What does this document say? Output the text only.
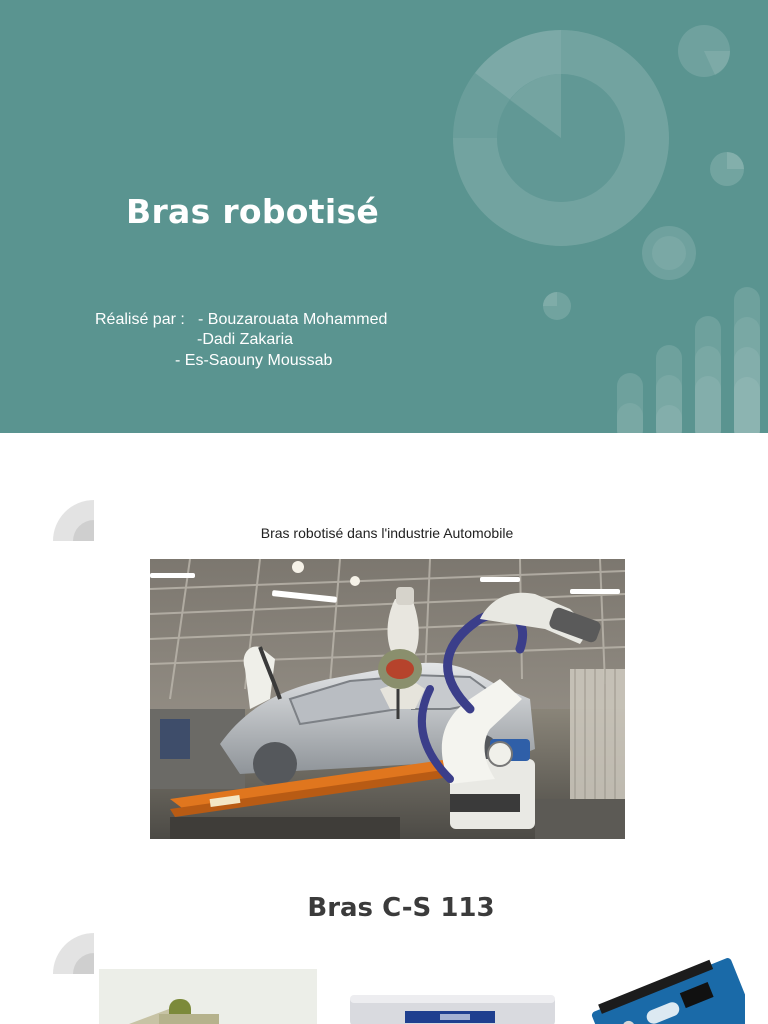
Bras robotisé
Réalisé par : - Bouzarouata Mohammed
-Dadi Zakaria
- Es-Saouny Moussab
Bras robotisé dans l'industrie Automobile
Bras C-S 113
